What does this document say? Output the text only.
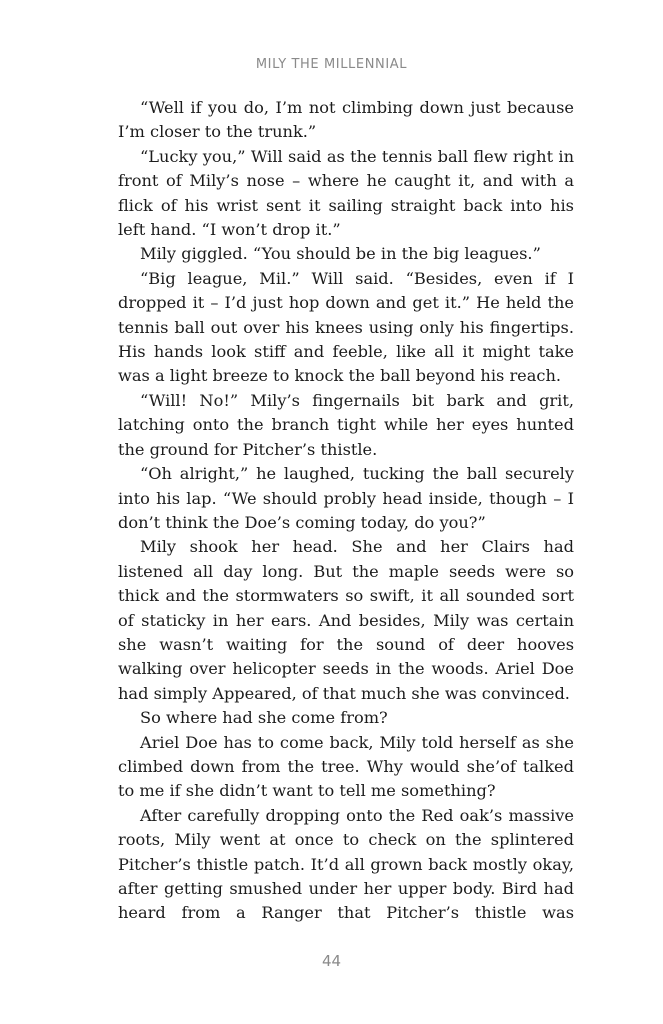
MILY THE MILLENNIAL

“Well if you do, I’m not climbing down just because I’m closer to the trunk.”

“Lucky you,” Will said as the tennis ball flew right in front of Mily’s nose – where he caught it, and with a flick of his wrist sent it sailing straight back into his left hand. “I won’t drop it.”

Mily giggled. “You should be in the big leagues.”

“Big league, Mil.” Will said. “Besides, even if I dropped it – I’d just hop down and get it.” He held the tennis ball out over his knees using only his fingertips. His hands look stiff and feeble, like all it might take was a light breeze to knock the ball beyond his reach.

“Will! No!” Mily’s fingernails bit bark and grit, latching onto the branch tight while her eyes hunted the ground for Pitcher’s thistle.

“Oh alright,” he laughed, tucking the ball securely into his lap. “We should probly head inside, though – I don’t think the Doe’s coming today, do you?”

Mily shook her head. She and her Clairs had listened all day long. But the maple seeds were so thick and the stormwaters so swift, it all sounded sort of staticky in her ears. And besides, Mily was certain she wasn’t waiting for the sound of deer hooves walking over helicopter seeds in the woods. Ariel Doe had simply Appeared, of that much she was convinced.

So where had she come from?

Ariel Doe has to come back, Mily told herself as she climbed down from the tree. Why would she’of talked to me if she didn’t want to tell me something?

After carefully dropping onto the Red oak’s massive roots, Mily went at once to check on the splintered Pitcher’s thistle patch. It’d all grown back mostly okay, after getting smushed under her upper body. Bird had heard from a Ranger that Pitcher’s thistle was

44
